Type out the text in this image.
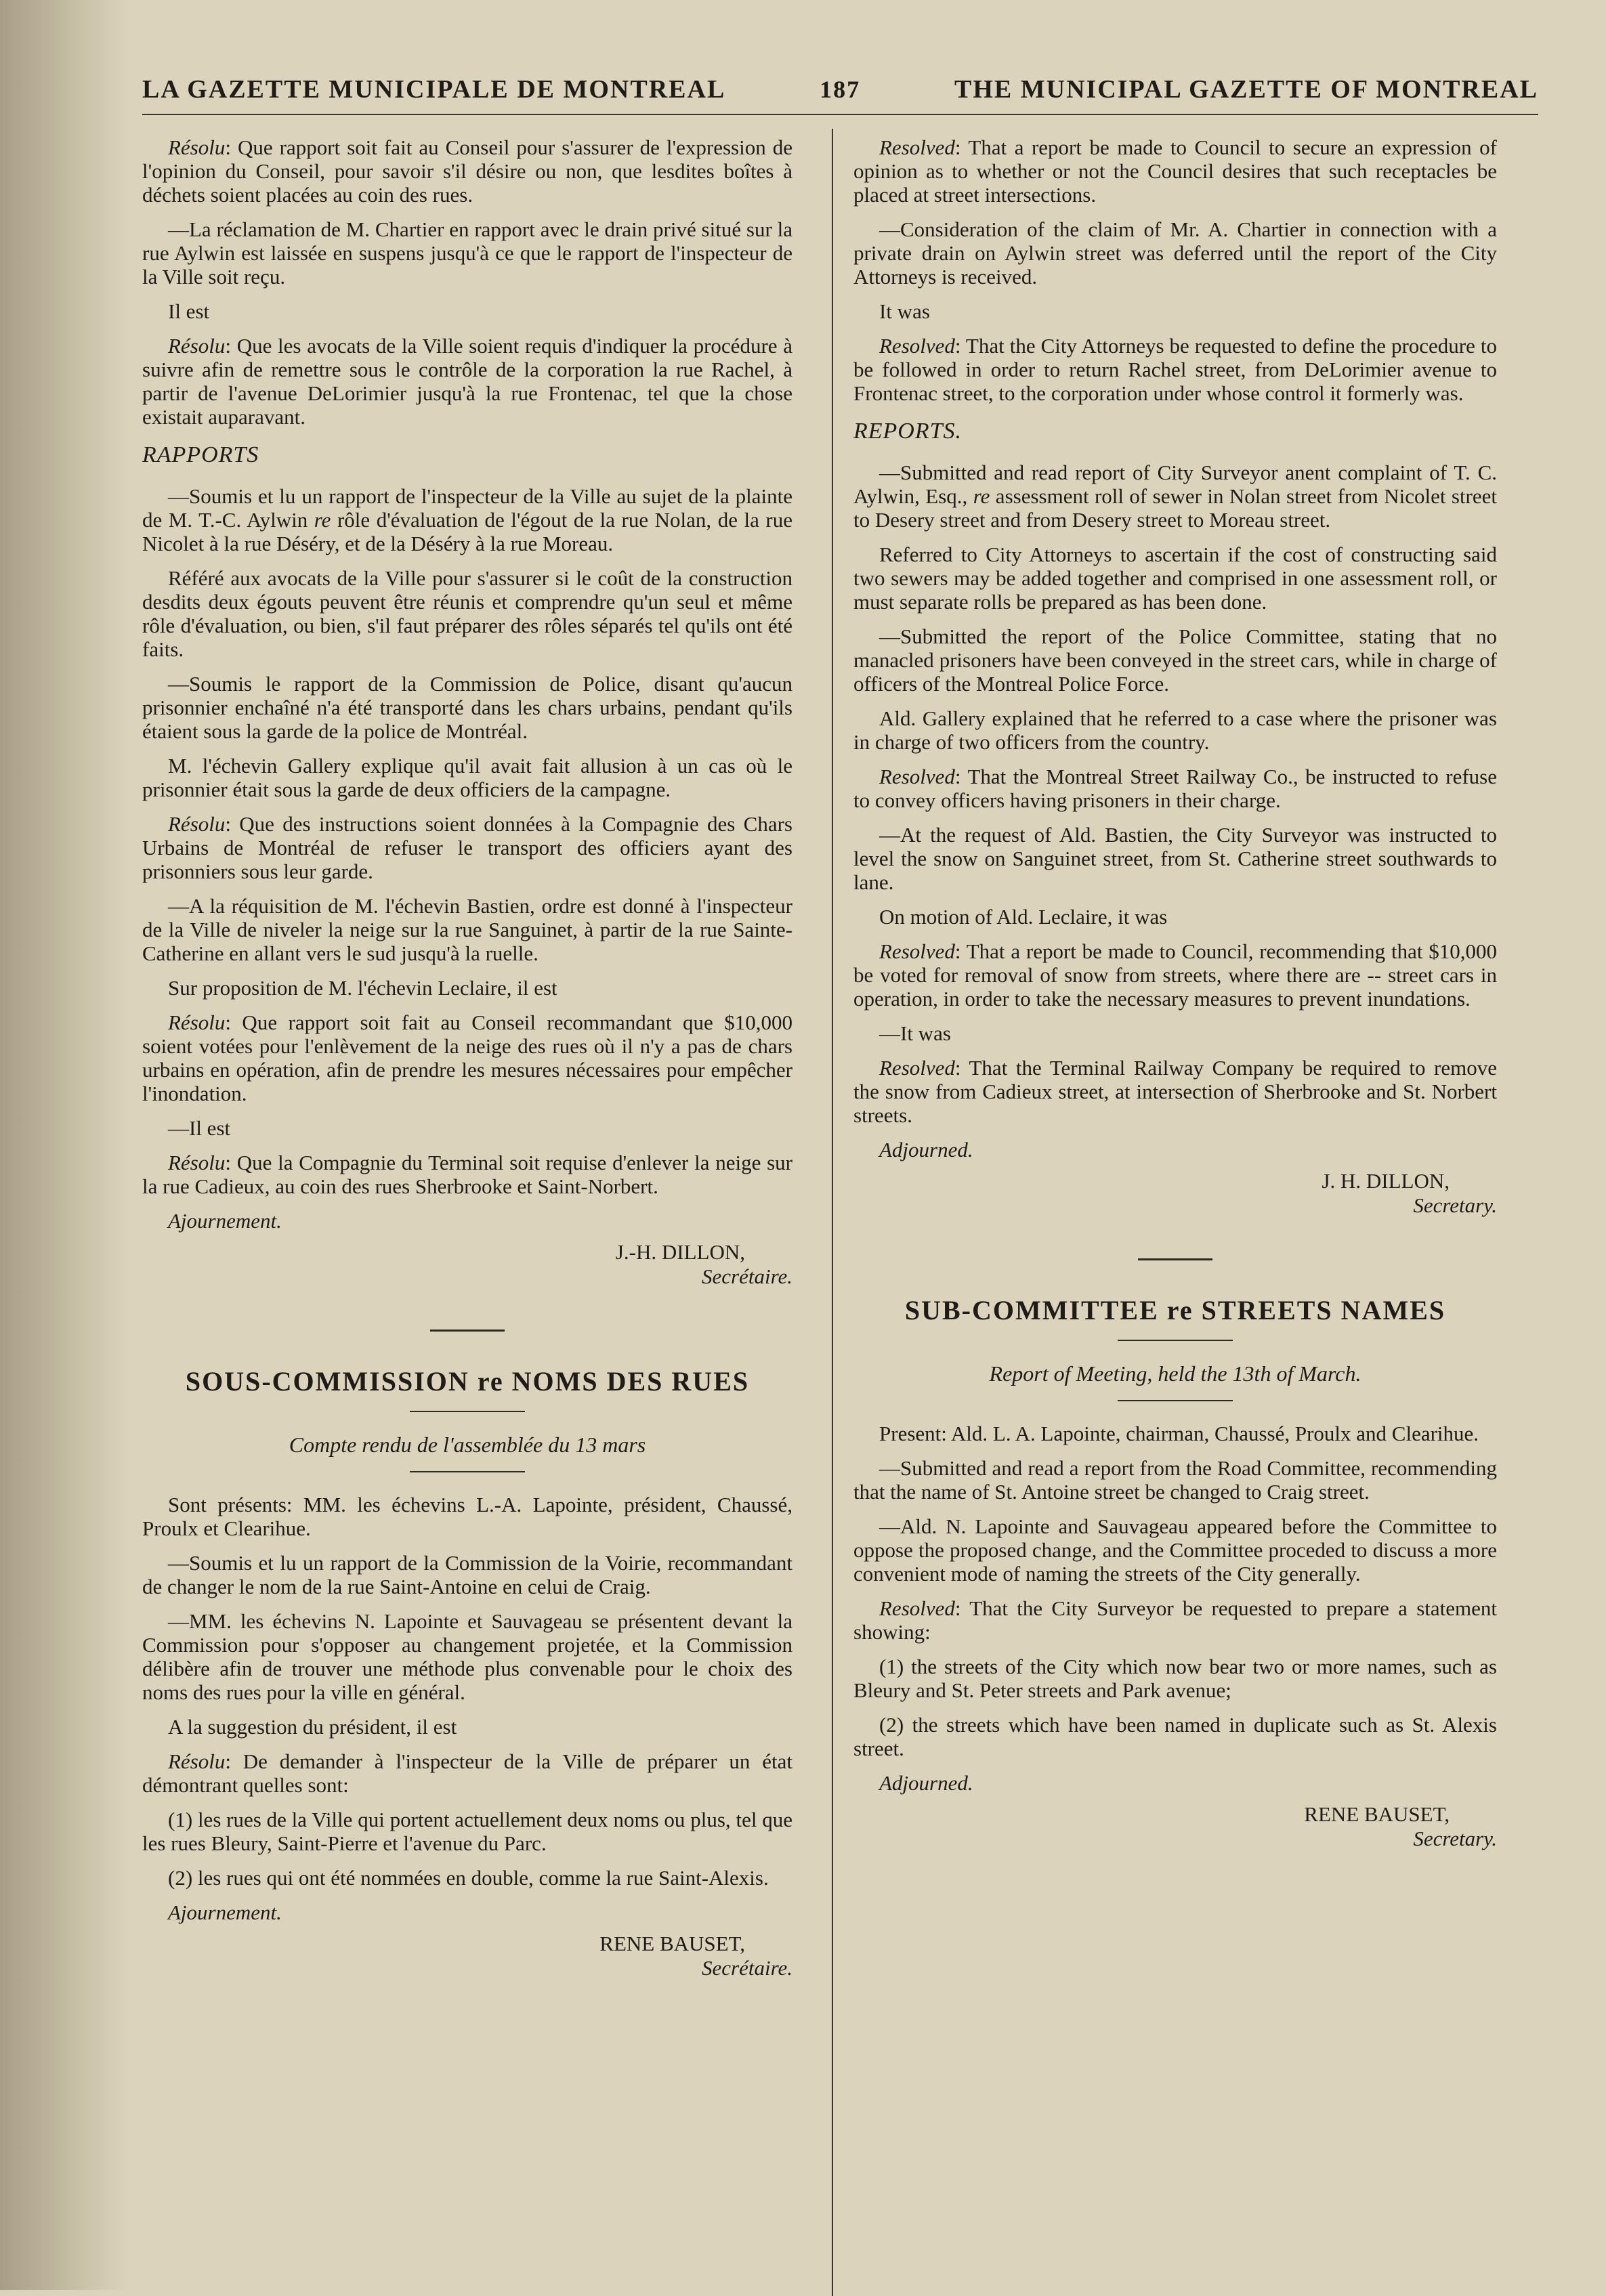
LA GAZETTE MUNICIPALE DE MONTREAL	187	THE MUNICIPAL GAZETTE OF MONTREAL

Résolu: Que rapport soit fait au Conseil pour s'assurer de l'expression de l'opinion du Conseil, pour savoir s'il désire ou non, que lesdites boîtes à déchets soient placées au coin des rues.

—La réclamation de M. Chartier en rapport avec le drain privé situé sur la rue Aylwin est laissée en suspens jusqu'à ce que le rapport de l'inspecteur de la Ville soit reçu.

Il est

Résolu: Que les avocats de la Ville soient requis d'indiquer la procédure à suivre afin de remettre sous le contrôle de la corporation la rue Rachel, à partir de l'avenue DeLorimier jusqu'à la rue Frontenac, tel que la chose existait auparavant.

RAPPORTS

—Soumis et lu un rapport de l'inspecteur de la Ville au sujet de la plainte de M. T.-C. Aylwin re rôle d'évaluation de l'égout de la rue Nolan, de la rue Nicolet à la rue Déséry, et de la Déséry à la rue Moreau.

Référé aux avocats de la Ville pour s'assurer si le coût de la construction desdits deux égouts peuvent être réunis et comprendre qu'un seul et même rôle d'évaluation, ou bien, s'il faut préparer des rôles séparés tel qu'ils ont été faits.

—Soumis le rapport de la Commission de Police, disant qu'aucun prisonnier enchaîné n'a été transporté dans les chars urbains, pendant qu'ils étaient sous la garde de la police de Montréal.

M. l'échevin Gallery explique qu'il avait fait allusion à un cas où le prisonnier était sous la garde de deux officiers de la campagne.

Résolu: Que des instructions soient données à la Compagnie des Chars Urbains de Montréal de refuser le transport des officiers ayant des prisonniers sous leur garde.

—A la réquisition de M. l'échevin Bastien, ordre est donné à l'inspecteur de la Ville de niveler la neige sur la rue Sanguinet, à partir de la rue Sainte-Catherine en allant vers le sud jusqu'à la ruelle.

Sur proposition de M. l'échevin Leclaire, il est

Résolu: Que rapport soit fait au Conseil recommandant que $10,000 soient votées pour l'enlèvement de la neige des rues où il n'y a pas de chars urbains en opération, afin de prendre les mesures nécessaires pour empêcher l'inondation.

—Il est

Résolu: Que la Compagnie du Terminal soit requise d'enlever la neige sur la rue Cadieux, au coin des rues Sherbrooke et Saint-Norbert.

Ajournement.
J.-H. DILLON,
Secrétaire.
SOUS-COMMISSION re NOMS DES RUES
Compte rendu de l'assemblée du 13 mars

Sont présents: MM. les échevins L.-A. Lapointe, président, Chaussé, Proulx et Clearihue.

—Soumis et lu un rapport de la Commission de la Voirie, recommandant de changer le nom de la rue Saint-Antoine en celui de Craig.

—MM. les échevins N. Lapointe et Sauvageau se présentent devant la Commission pour s'opposer au changement projetée, et la Commission délibère afin de trouver une méthode plus convenable pour le choix des noms des rues pour la ville en général.

A la suggestion du président, il est

Résolu: De demander à l'inspecteur de la Ville de préparer un état démontrant quelles sont:

(1) les rues de la Ville qui portent actuellement deux noms ou plus, tel que les rues Bleury, Saint-Pierre et l'avenue du Parc.

(2) les rues qui ont été nommées en double, comme la rue Saint-Alexis.

Ajournement.
RENE BAUSET,
Secrétaire.

Resolved: That a report be made to Council to secure an expression of opinion as to whether or not the Council desires that such receptacles be placed at street intersections.

—Consideration of the claim of Mr. A. Chartier in connection with a private drain on Aylwin street was deferred until the report of the City Attorneys is received.

It was

Resolved: That the City Attorneys be requested to define the procedure to be followed in order to return Rachel street, from DeLorimier avenue to Frontenac street, to the corporation under whose control it formerly was.

REPORTS.

—Submitted and read report of City Surveyor anent complaint of T. C. Aylwin, Esq., re assessment roll of sewer in Nolan street from Nicolet street to Desery street and from Desery street to Moreau street.

Referred to City Attorneys to ascertain if the cost of constructing said two sewers may be added together and comprised in one assessment roll, or must separate rolls be prepared as has been done.

—Submitted the report of the Police Committee, stating that no manacled prisoners have been conveyed in the street cars, while in charge of officers of the Montreal Police Force.

Ald. Gallery explained that he referred to a case where the prisoner was in charge of two officers from the country.

Resolved: That the Montreal Street Railway Co., be instructed to refuse to convey officers having prisoners in their charge.

—At the request of Ald. Bastien, the City Surveyor was instructed to level the snow on Sanguinet street, from St. Catherine street southwards to lane.

On motion of Ald. Leclaire, it was

Resolved: That a report be made to Council, recommending that $10,000 be voted for removal of snow from streets, where there are -- street cars in operation, in order to take the necessary measures to prevent inundations.

—It was

Resolved: That the Terminal Railway Company be required to remove the snow from Cadieux street, at intersection of Sherbrooke and St. Norbert streets.

Adjourned.
J. H. DILLON,
Secretary.
SUB-COMMITTEE re STREETS NAMES
Report of Meeting, held the 13th of March.

Present: Ald. L. A. Lapointe, chairman, Chaussé, Proulx and Clearihue.

—Submitted and read a report from the Road Committee, recommending that the name of St. Antoine street be changed to Craig street.

—Ald. N. Lapointe and Sauvageau appeared before the Committee to oppose the proposed change, and the Committee proceded to discuss a more convenient mode of naming the streets of the City generally.

Resolved: That the City Surveyor be requested to prepare a statement showing:

(1) the streets of the City which now bear two or more names, such as Bleury and St. Peter streets and Park avenue;

(2) the streets which have been named in duplicate such as St. Alexis street.

Adjourned.
RENE BAUSET,
Secretary.
